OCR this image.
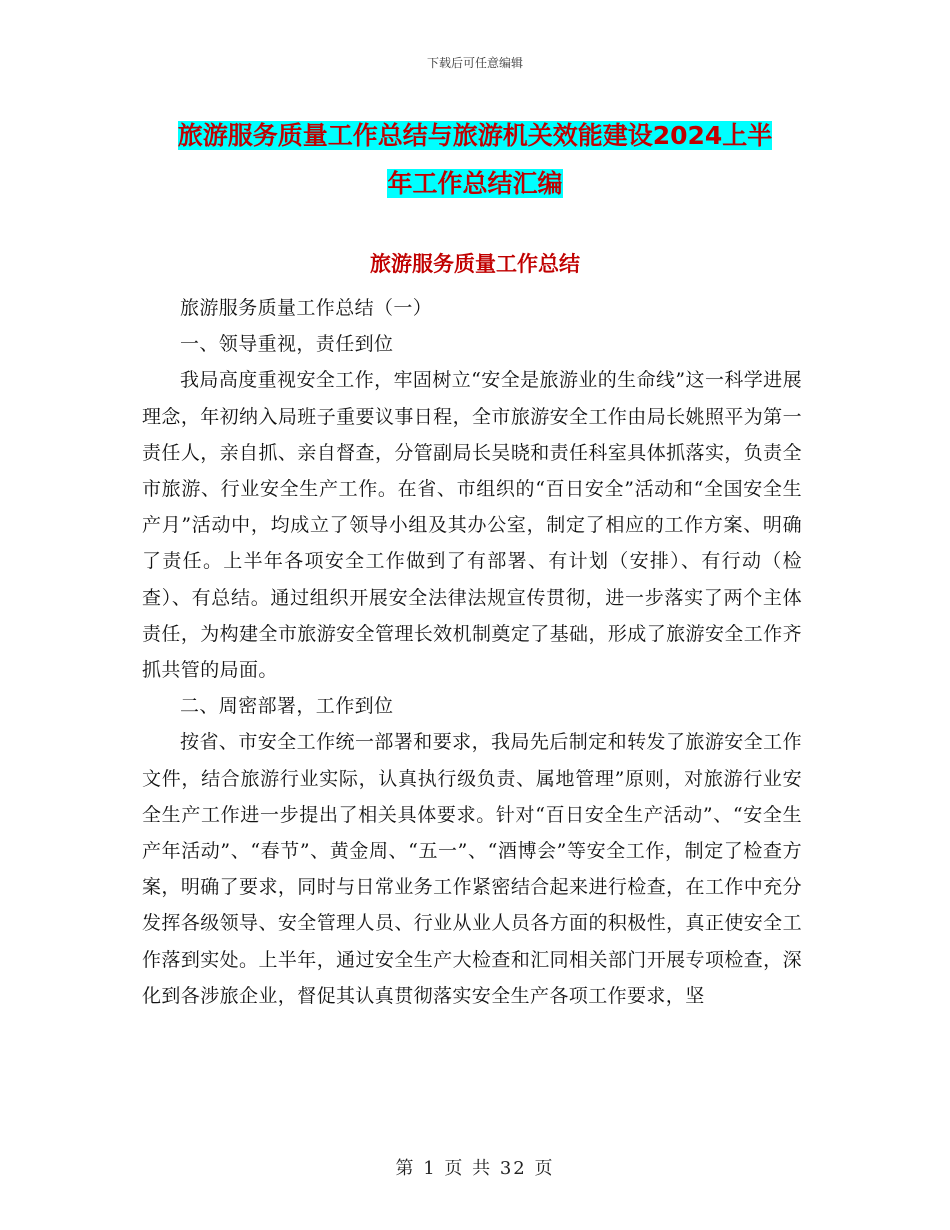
下载后可任意编辑
旅游服务质量工作总结与旅游机关效能建设2024上半
年工作总结汇编
旅游服务质量工作总结

旅游服务质量工作总结（一）

一、领导重视，责任到位

我局高度重视安全工作，牢固树立“安全是旅游业的生命线”这一科学进展理念，年初纳入局班子重要议事日程，全市旅游安全工作由局长姚照平为第一责任人，亲自抓、亲自督查，分管副局长吴晓和责任科室具体抓落实，负责全市旅游、行业安全生产工作。在省、市组织的“百日安全”活动和“全国安全生产月”活动中，均成立了领导小组及其办公室，制定了相应的工作方案、明确了责任。上半年各项安全工作做到了有部署、有计划（安排）、有行动（检查）、有总结。通过组织开展安全法律法规宣传贯彻，进一步落实了两个主体责任，为构建全市旅游安全管理长效机制奠定了基础，形成了旅游安全工作齐抓共管的局面。

二、周密部署，工作到位

按省、市安全工作统一部署和要求，我局先后制定和转发了旅游安全工作文件，结合旅游行业实际，认真执行级负责、属地管理”原则，对旅游行业安全生产工作进一步提出了相关具体要求。针对“百日安全生产活动”、“安全生产年活动”、“春节”、黄金周、“五一”、“酒博会”等安全工作，制定了检查方案，明确了要求，同时与日常业务工作紧密结合起来进行检查，在工作中充分发挥各级领导、安全管理人员、行业从业人员各方面的积极性，真正使安全工作落到实处。上半年，通过安全生产大检查和汇同相关部门开展专项检查，深化到各涉旅企业，督促其认真贯彻落实安全生产各项工作要求，坚

第 1 页 共 32 页
